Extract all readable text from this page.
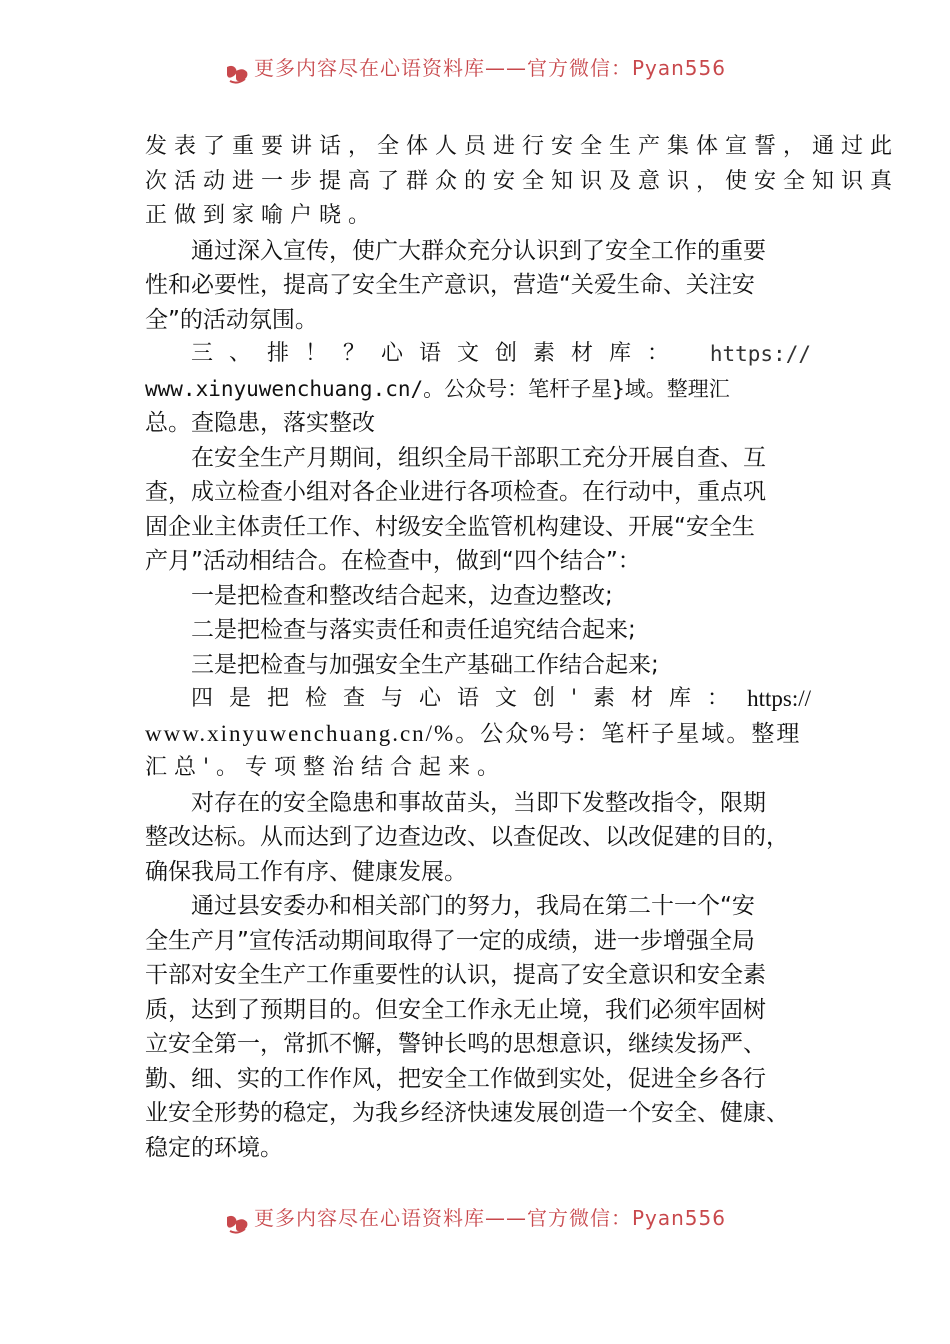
更多内容尽在心语资料库——官方微信：Pyan556
发表了重要讲话，全体人员进行安全生产集体宣誓，通过此
次活动进一步提高了群众的安全知识及意识，使安全知识真
正做到家喻户晓。
通过深入宣传，使广大群众充分认识到了安全工作的重要
性和必要性，提高了安全生产意识，营造“关爱生命、关注安
全”的活动氛围。
三、排！？心语文创素材库： https://
www.xinyuwenchuang.cn/。公众号：笔杆子星}域。整理汇
总。查隐患，落实整改
在安全生产月期间，组织全局干部职工充分开展自查、互
查，成立检查小组对各企业进行各项检查。在行动中，重点巩
固企业主体责任工作、村级安全监管机构建设、开展“安全生
产月”活动相结合。在检查中，做到“四个结合”：
一是把检查和整改结合起来，边查边整改;
二是把检查与落实责任和责任追究结合起来;
三是把检查与加强安全生产基础工作结合起来;
四是把检查与心语文创'素材库： https://
www.xinyuwenchuang.cn/%。公众%号：笔杆子星域。整理
汇总'。专项整治结合起来。
对存在的安全隐患和事故苗头，当即下发整改指令，限期
整改达标。从而达到了边查边改、以查促改、以改促建的目的，
确保我局工作有序、健康发展。
通过县安委办和相关部门的努力，我局在第二十一个“安
全生产月”宣传活动期间取得了一定的成绩，进一步增强全局
干部对安全生产工作重要性的认识，提高了安全意识和安全素
质，达到了预期目的。但安全工作永无止境，我们必须牢固树
立安全第一，常抓不懈，警钟长鸣的思想意识，继续发扬严、
勤、细、实的工作作风，把安全工作做到实处，促进全乡各行
业安全形势的稳定，为我乡经济快速发展创造一个安全、健康、
稳定的环境。
更多内容尽在心语资料库——官方微信：Pyan556
